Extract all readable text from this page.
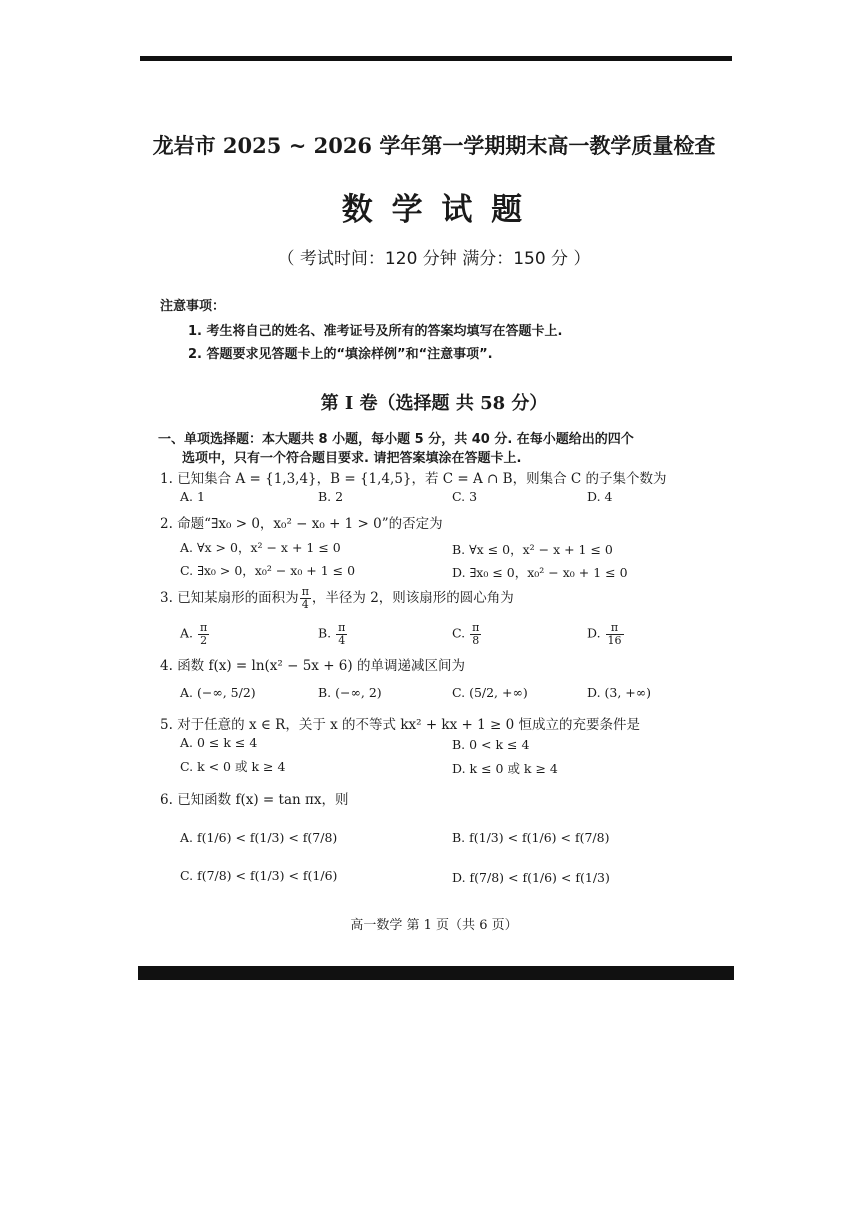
龙岩市 2025 ~ 2026 学年第一学期期末高一教学质量检查
数 学 试 题
（ 考试时间：120 分钟 满分：150 分 ）
注意事项：
1. 考生将自己的姓名、准考证号及所有的答案均填写在答题卡上.
2. 答题要求见答题卡上的“填涂样例”和“注意事项”.
第 I 卷（选择题 共 58 分）
一、单项选择题：本大题共 8 小题，每小题 5 分，共 40 分. 在每小题给出的四个
选项中，只有一个符合题目要求. 请把答案填涂在答题卡上.
1. 已知集合 A = {1,3,4}，B = {1,4,5}，若 C = A ∩ B，则集合 C 的子集个数为
A. 1	B. 2	C. 3	D. 4
2. 命题“∃x₀ > 0，x₀² − x₀ + 1 > 0”的否定为
A. ∀x > 0，x² − x + 1 ≤ 0	B. ∀x ≤ 0，x² − x + 1 ≤ 0
C. ∃x₀ > 0，x₀² − x₀ + 1 ≤ 0	D. ∃x₀ ≤ 0，x₀² − x₀ + 1 ≤ 0
3. 已知某扇形的面积为 $\frac{\pi}{4}$ ，半径为 2，则该扇形的圆心角为
A. $\frac{\pi}{2}$	B. $\frac{\pi}{4}$	C. $\frac{\pi}{8}$	D. $\frac{\pi}{16}$
4. 函数 f(x) = ln(x² − 5x + 6) 的单调递减区间为
A. (−∞, 5/2)	B. (−∞, 2)	C. (5/2, +∞)	D. (3, +∞)
5. 对于任意的 x ∈ R，关于 x 的不等式 kx² + kx + 1 ≥ 0 恒成立的充要条件是
A. 0 ≤ k ≤ 4	B. 0 < k ≤ 4
C. k < 0 或 k ≥ 4	D. k ≤ 0 或 k ≥ 4
6. 已知函数 f(x) = tan πx，则
A. f(1/6) < f(1/3) < f(7/8)	B. f(1/3) < f(1/6) < f(7/8)
C. f(7/8) < f(1/3) < f(1/6)	D. f(7/8) < f(1/6) < f(1/3)
高一数学 第 1 页（共 6 页）
